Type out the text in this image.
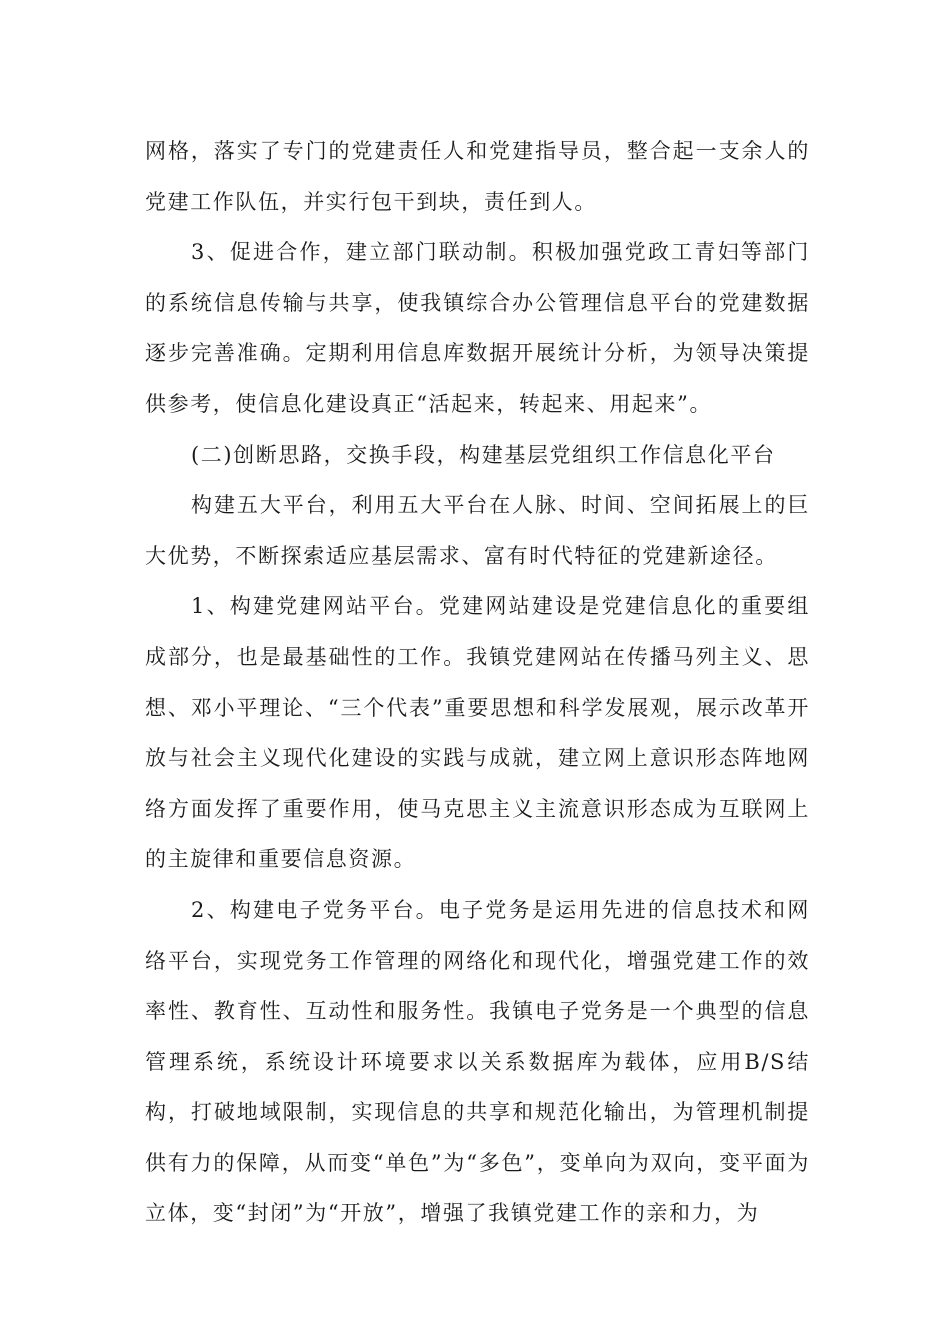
网格，落实了专门的党建责任人和党建指导员，整合起一支余人的党建工作队伍，并实行包干到块，责任到人。

3、促进合作，建立部门联动制。积极加强党政工青妇等部门的系统信息传输与共享，使我镇综合办公管理信息平台的党建数据逐步完善准确。定期利用信息库数据开展统计分析，为领导决策提供参考，使信息化建设真正“活起来，转起来、用起来”。

(二)创断思路，交换手段，构建基层党组织工作信息化平台

构建五大平台，利用五大平台在人脉、时间、空间拓展上的巨大优势，不断探索适应基层需求、富有时代特征的党建新途径。

1、构建党建网站平台。党建网站建设是党建信息化的重要组成部分，也是最基础性的工作。我镇党建网站在传播马列主义、思想、邓小平理论、“三个代表”重要思想和科学发展观，展示改革开放与社会主义现代化建设的实践与成就，建立网上意识形态阵地网络方面发挥了重要作用，使马克思主义主流意识形态成为互联网上的主旋律和重要信息资源。

2、构建电子党务平台。电子党务是运用先进的信息技术和网络平台，实现党务工作管理的网络化和现代化，增强党建工作的效率性、教育性、互动性和服务性。我镇电子党务是一个典型的信息管理系统，系统设计环境要求以关系数据库为载体，应用B/S结构，打破地域限制，实现信息的共享和规范化输出，为管理机制提供有力的保障，从而变“单色”为“多色”，变单向为双向，变平面为立体，变“封闭”为“开放”，增强了我镇党建工作的亲和力，为
